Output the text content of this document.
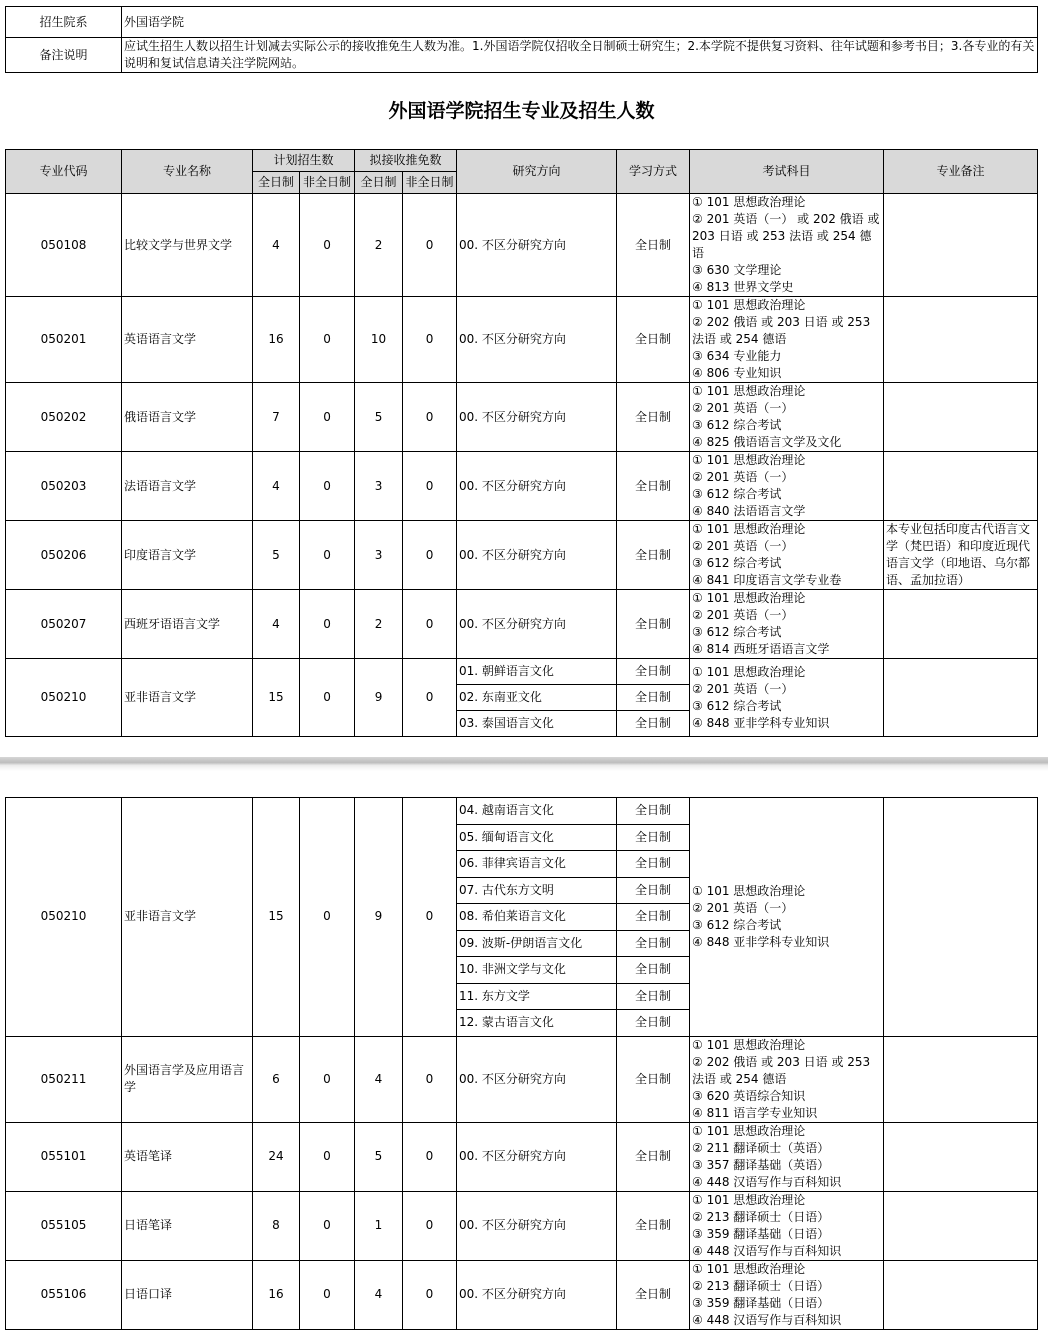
招生院系	外国语学院
备注说明	应试生招生人数以招生计划减去实际公示的接收推免生人数为准。1.外国语学院仅招收全日制硕士研究生；2.本学院不提供复习资料、往年试题和参考书目；3.各专业的有关说明和复试信息请关注学院网站。
外国语学院招生专业及招生人数
专业代码	专业名称	计划招生数		拟接收推免数		研究方向	学习方式	考试科目	专业备注
		全日制	非全日制	全日制	非全日制				
050108	比较文学与世界文学	4	0	2	0	00. 不区分研究方向	全日制	① 101 思想政治理论
② 201 英语（一） 或 202 俄语 或 203 日语 或 253 法语 或 254 德语
③ 630 文学理论
④ 813 世界文学史	

050201	英语语言文学	16	0	10	0	00. 不区分研究方向	全日制	① 101 思想政治理论
② 202 俄语 或 203 日语 或 253 法语 或 254 德语
③ 634 专业能力
④ 806 专业知识	

050202	俄语语言文学	7	0	5	0	00. 不区分研究方向	全日制	① 101 思想政治理论
② 201 英语（一）
③ 612 综合考试
④ 825 俄语语言文学及文化	

050203	法语语言文学	4	0	3	0	00. 不区分研究方向	全日制	① 101 思想政治理论
② 201 英语（一）
③ 612 综合考试
④ 840 法语语言文学	

050206	印度语言文学	5	0	3	0	00. 不区分研究方向	全日制	① 101 思想政治理论
② 201 英语（一）
③ 612 综合考试
④ 841 印度语言文学专业卷	本专业包括印度古代语言文学（梵巴语）和印度近现代语言文学（印地语、乌尔都语、孟加拉语）
050207	西班牙语语言文学	4	0	2	0	00. 不区分研究方向	全日制	① 101 思想政治理论
② 201 英语（一）
③ 612 综合考试
④ 814 西班牙语语言文学	

050210	亚非语言文学	15	0	9	0	01. 朝鲜语言文化	全日制	① 101 思想政治理论
② 201 英语（一）
③ 612 综合考试
④ 848 亚非学科专业知识	

						02. 东南亚文化	全日制		
						03. 泰国语言文化	全日制		
050210	亚非语言文学	15	0	9	0	04. 越南语言文化	全日制	① 101 思想政治理论
② 201 英语（一）
③ 612 综合考试
④ 848 亚非学科专业知识	

						05. 缅甸语言文化	全日制		
						06. 菲律宾语言文化	全日制		
						07. 古代东方文明	全日制		
						08. 希伯莱语言文化	全日制		
						09. 波斯-伊朗语言文化	全日制		
						10. 非洲文学与文化	全日制		
						11. 东方文学	全日制		
						12. 蒙古语言文化	全日制		
050211	外国语言学及应用语言学	6	0	4	0	00. 不区分研究方向	全日制	① 101 思想政治理论
② 202 俄语 或 203 日语 或 253 法语 或 254 德语
③ 620 英语综合知识
④ 811 语言学专业知识	

055101	英语笔译	24	0	5	0	00. 不区分研究方向	全日制	① 101 思想政治理论
② 211 翻译硕士（英语）
③ 357 翻译基础（英语）
④ 448 汉语写作与百科知识	

055105	日语笔译	8	0	1	0	00. 不区分研究方向	全日制	① 101 思想政治理论
② 213 翻译硕士（日语）
③ 359 翻译基础（日语）
④ 448 汉语写作与百科知识	

055106	日语口译	16	0	4	0	00. 不区分研究方向	全日制	① 101 思想政治理论
② 213 翻译硕士（日语）
③ 359 翻译基础（日语）
④ 448 汉语写作与百科知识	
